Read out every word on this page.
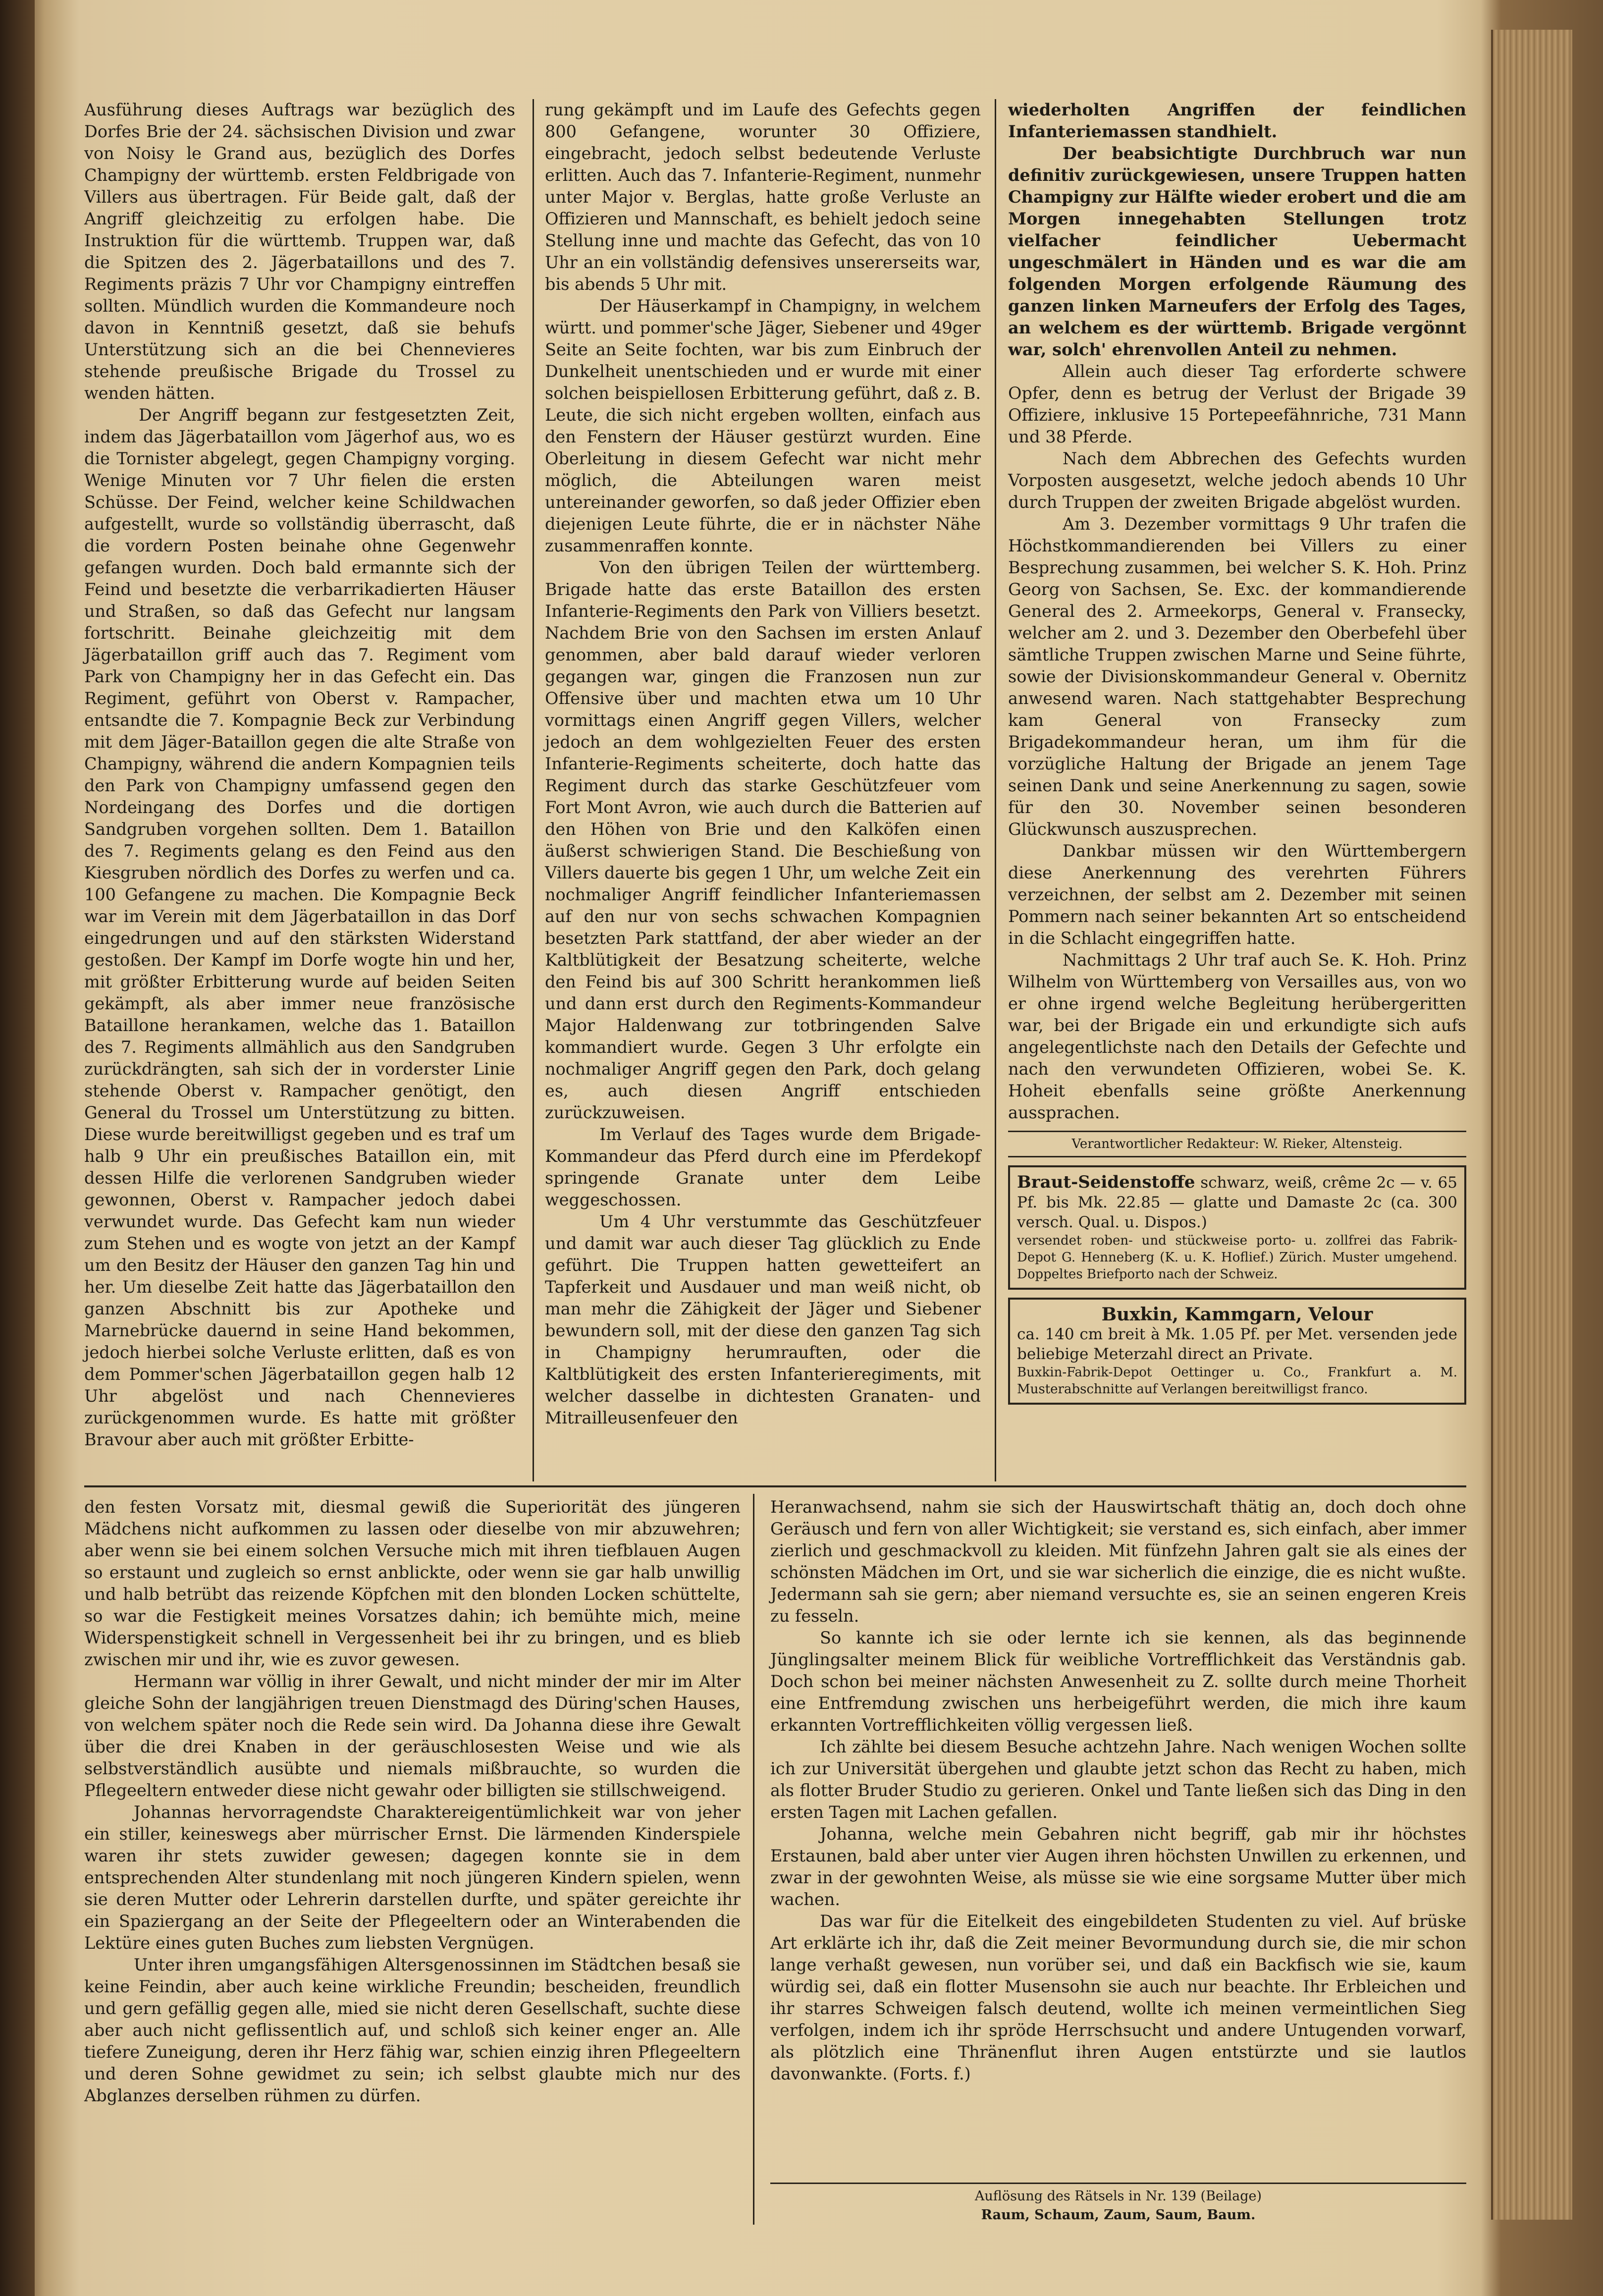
Ausführung dieses Auftrags war bezüglich des Dorfes Brie der 24. sächsischen Division und zwar von Noisy le Grand aus, bezüglich des Dorfes Champigny der württemb. ersten Feldbrigade von Villers aus übertragen. Für Beide galt, daß der Angriff gleichzeitig zu erfolgen habe. Die Instruktion für die württemb. Truppen war, daß die Spitzen des 2. Jägerbataillons und des 7. Regiments präzis 7 Uhr vor Champigny eintreffen sollten. Mündlich wurden die Kommandeure noch davon in Kenntniß gesetzt, daß sie behufs Unterstützung sich an die bei Chennevieres stehende preußische Brigade du Trossel zu wenden hätten.

Der Angriff begann zur festgesetzten Zeit, indem das Jägerbataillon vom Jägerhof aus, wo es die Tornister abgelegt, gegen Champigny vorging. Wenige Minuten vor 7 Uhr fielen die ersten Schüsse. Der Feind, welcher keine Schildwachen aufgestellt, wurde so vollständig überrascht, daß die vordern Posten beinahe ohne Gegenwehr gefangen wurden. Doch bald ermannte sich der Feind und besetzte die verbarrikadierten Häuser und Straßen, so daß das Gefecht nur langsam fortschritt. Beinahe gleichzeitig mit dem Jägerbataillon griff auch das 7. Regiment vom Park von Champigny her in das Gefecht ein. Das Regiment, geführt von Oberst v. Rampacher, entsandte die 7. Kompagnie Beck zur Verbindung mit dem Jäger-Bataillon gegen die alte Straße von Champigny, während die andern Kompagnien teils den Park von Champigny umfassend gegen den Nordeingang des Dorfes und die dortigen Sandgruben vorgehen sollten. Dem 1. Bataillon des 7. Regiments gelang es den Feind aus den Kiesgruben nördlich des Dorfes zu werfen und ca. 100 Gefangene zu machen. Die Kompagnie Beck war im Verein mit dem Jägerbataillon in das Dorf eingedrungen und auf den stärksten Widerstand gestoßen. Der Kampf im Dorfe wogte hin und her, mit größter Erbitterung wurde auf beiden Seiten gekämpft, als aber immer neue französische Bataillone herankamen, welche das 1. Bataillon des 7. Regiments allmählich aus den Sandgruben zurückdrängten, sah sich der in vorderster Linie stehende Oberst v. Rampacher genötigt, den General du Trossel um Unterstützung zu bitten. Diese wurde bereitwilligst gegeben und es traf um halb 9 Uhr ein preußisches Bataillon ein, mit dessen Hilfe die verlorenen Sandgruben wieder gewonnen, Oberst v. Rampacher jedoch dabei verwundet wurde. Das Gefecht kam nun wieder zum Stehen und es wogte von jetzt an der Kampf um den Besitz der Häuser den ganzen Tag hin und her. Um dieselbe Zeit hatte das Jägerbataillon den ganzen Abschnitt bis zur Apotheke und Marnebrücke dauernd in seine Hand bekommen, jedoch hierbei solche Verluste erlitten, daß es von dem Pommer'schen Jägerbataillon gegen halb 12 Uhr abgelöst und nach Chennevieres zurückgenommen wurde. Es hatte mit größter Bravour aber auch mit größter Erbitte-

rung gekämpft und im Laufe des Gefechts gegen 800 Gefangene, worunter 30 Offiziere, eingebracht, jedoch selbst bedeutende Verluste erlitten. Auch das 7. Infanterie-Regiment, nunmehr unter Major v. Berglas, hatte große Verluste an Offizieren und Mannschaft, es behielt jedoch seine Stellung inne und machte das Gefecht, das von 10 Uhr an ein vollständig defensives unsererseits war, bis abends 5 Uhr mit.

Der Häuserkampf in Champigny, in welchem württ. und pommer'sche Jäger, Siebener und 49ger Seite an Seite fochten, war bis zum Einbruch der Dunkelheit unentschieden und er wurde mit einer solchen beispiellosen Erbitterung geführt, daß z. B. Leute, die sich nicht ergeben wollten, einfach aus den Fenstern der Häuser gestürzt wurden. Eine Oberleitung in diesem Gefecht war nicht mehr möglich, die Abteilungen waren meist untereinander geworfen, so daß jeder Offizier eben diejenigen Leute führte, die er in nächster Nähe zusammenraffen konnte.

Von den übrigen Teilen der württemberg. Brigade hatte das erste Bataillon des ersten Infanterie-Regiments den Park von Villiers besetzt. Nachdem Brie von den Sachsen im ersten Anlauf genommen, aber bald darauf wieder verloren gegangen war, gingen die Franzosen nun zur Offensive über und machten etwa um 10 Uhr vormittags einen Angriff gegen Villers, welcher jedoch an dem wohlgezielten Feuer des ersten Infanterie-Regiments scheiterte, doch hatte das Regiment durch das starke Geschützfeuer vom Fort Mont Avron, wie auch durch die Batterien auf den Höhen von Brie und den Kalköfen einen äußerst schwierigen Stand. Die Beschießung von Villers dauerte bis gegen 1 Uhr, um welche Zeit ein nochmaliger Angriff feindlicher Infanteriemassen auf den nur von sechs schwachen Kompagnien besetzten Park stattfand, der aber wieder an der Kaltblütigkeit der Besatzung scheiterte, welche den Feind bis auf 300 Schritt herankommen ließ und dann erst durch den Regiments-Kommandeur Major Haldenwang zur totbringenden Salve kommandiert wurde. Gegen 3 Uhr erfolgte ein nochmaliger Angriff gegen den Park, doch gelang es, auch diesen Angriff entschieden zurückzuweisen.

Im Verlauf des Tages wurde dem Brigade-Kommandeur das Pferd durch eine im Pferdekopf springende Granate unter dem Leibe weggeschossen.

Um 4 Uhr verstummte das Geschützfeuer und damit war auch dieser Tag glücklich zu Ende geführt. Die Truppen hatten gewetteifert an Tapferkeit und Ausdauer und man weiß nicht, ob man mehr die Zähigkeit der Jäger und Siebener bewundern soll, mit der diese den ganzen Tag sich in Champigny herumrauften, oder die Kaltblütigkeit des ersten Infanterieregiments, mit welcher dasselbe in dichtesten Granaten- und Mitrailleusenfeuer den

wiederholten Angriffen der feindlichen Infanteriemassen standhielt.

Der beabsichtigte Durchbruch war nun definitiv zurückgewiesen, unsere Truppen hatten Champigny zur Hälfte wieder erobert und die am Morgen innegehabten Stellungen trotz vielfacher feindlicher Uebermacht ungeschmälert in Händen und es war die am folgenden Morgen erfolgende Räumung des ganzen linken Marneufers der Erfolg des Tages, an welchem es der württemb. Brigade vergönnt war, solch' ehrenvollen Anteil zu nehmen.

Allein auch dieser Tag erforderte schwere Opfer, denn es betrug der Verlust der Brigade 39 Offiziere, inklusive 15 Portepeefähnriche, 731 Mann und 38 Pferde.

Nach dem Abbrechen des Gefechts wurden Vorposten ausgesetzt, welche jedoch abends 10 Uhr durch Truppen der zweiten Brigade abgelöst wurden.

Am 3. Dezember vormittags 9 Uhr trafen die Höchstkommandierenden bei Villers zu einer Besprechung zusammen, bei welcher S. K. Hoh. Prinz Georg von Sachsen, Se. Exc. der kommandierende General des 2. Armeekorps, General v. Fransecky, welcher am 2. und 3. Dezember den Oberbefehl über sämtliche Truppen zwischen Marne und Seine führte, sowie der Divisionskommandeur General v. Obernitz anwesend waren. Nach stattgehabter Besprechung kam General von Fransecky zum Brigadekommandeur heran, um ihm für die vorzügliche Haltung der Brigade an jenem Tage seinen Dank und seine Anerkennung zu sagen, sowie für den 30. November seinen besonderen Glückwunsch auszusprechen.

Dankbar müssen wir den Württembergern diese Anerkennung des verehrten Führers verzeichnen, der selbst am 2. Dezember mit seinen Pommern nach seiner bekannten Art so entscheidend in die Schlacht eingegriffen hatte.

Nachmittags 2 Uhr traf auch Se. K. Hoh. Prinz Wilhelm von Württemberg von Versailles aus, von wo er ohne irgend welche Begleitung herübergeritten war, bei der Brigade ein und erkundigte sich aufs angelegentlichste nach den Details der Gefechte und nach den verwundeten Offizieren, wobei Se. K. Hoheit ebenfalls seine größte Anerkennung aussprachen.

Verantwortlicher Redakteur: W. Rieker, Altensteig.
Braut-Seidenstoffe schwarz, weiß, crême 2c — v. 65 Pf. bis Mk. 22.85 — glatte und Damaste 2c (ca. 300 versch. Qual. u. Dispos.)
versendet roben- und stückweise porto- u. zollfrei das Fabrik-Depot G. Henneberg (K. u. K. Hoflief.) Zürich. Muster umgehend. Doppeltes Briefporto nach der Schweiz.
Buxkin, Kammgarn, Velour
ca. 140 cm breit à Mk. 1.05 Pf. per Met. versenden jede beliebige Meterzahl direct an Private.
Buxkin-Fabrik-Depot Oettinger u. Co., Frankfurt a. M. Musterabschnitte auf Verlangen bereitwilligst franco.

den festen Vorsatz mit, diesmal gewiß die Superiorität des jüngeren Mädchens nicht aufkommen zu lassen oder dieselbe von mir abzuwehren; aber wenn sie bei einem solchen Versuche mich mit ihren tiefblauen Augen so erstaunt und zugleich so ernst anblickte, oder wenn sie gar halb unwillig und halb betrübt das reizende Köpfchen mit den blonden Locken schüttelte, so war die Festigkeit meines Vorsatzes dahin; ich bemühte mich, meine Widerspenstigkeit schnell in Vergessenheit bei ihr zu bringen, und es blieb zwischen mir und ihr, wie es zuvor gewesen.

Hermann war völlig in ihrer Gewalt, und nicht minder der mir im Alter gleiche Sohn der langjährigen treuen Dienstmagd des Düring'schen Hauses, von welchem später noch die Rede sein wird. Da Johanna diese ihre Gewalt über die drei Knaben in der geräuschlosesten Weise und wie als selbstverständlich ausübte und niemals mißbrauchte, so wurden die Pflegeeltern entweder diese nicht gewahr oder billigten sie stillschweigend.

Johannas hervorragendste Charaktereigentümlichkeit war von jeher ein stiller, keineswegs aber mürrischer Ernst. Die lärmenden Kinderspiele waren ihr stets zuwider gewesen; dagegen konnte sie in dem entsprechenden Alter stundenlang mit noch jüngeren Kindern spielen, wenn sie deren Mutter oder Lehrerin darstellen durfte, und später gereichte ihr ein Spaziergang an der Seite der Pflegeeltern oder an Winterabenden die Lektüre eines guten Buches zum liebsten Vergnügen.

Unter ihren umgangsfähigen Altersgenossinnen im Städtchen besaß sie keine Feindin, aber auch keine wirkliche Freundin; bescheiden, freundlich und gern gefällig gegen alle, mied sie nicht deren Gesellschaft, suchte diese aber auch nicht geflissentlich auf, und schloß sich keiner enger an. Alle tiefere Zuneigung, deren ihr Herz fähig war, schien einzig ihren Pflegeeltern und deren Sohne gewidmet zu sein; ich selbst glaubte mich nur des Abglanzes derselben rühmen zu dürfen.

Heranwachsend, nahm sie sich der Hauswirtschaft thätig an, doch doch ohne Geräusch und fern von aller Wichtigkeit; sie verstand es, sich einfach, aber immer zierlich und geschmackvoll zu kleiden. Mit fünfzehn Jahren galt sie als eines der schönsten Mädchen im Ort, und sie war sicherlich die einzige, die es nicht wußte. Jedermann sah sie gern; aber niemand versuchte es, sie an seinen engeren Kreis zu fesseln.

So kannte ich sie oder lernte ich sie kennen, als das beginnende Jünglingsalter meinem Blick für weibliche Vortrefflichkeit das Verständnis gab. Doch schon bei meiner nächsten Anwesenheit zu Z. sollte durch meine Thorheit eine Entfremdung zwischen uns herbeigeführt werden, die mich ihre kaum erkannten Vortrefflichkeiten völlig vergessen ließ.

Ich zählte bei diesem Besuche achtzehn Jahre. Nach wenigen Wochen sollte ich zur Universität übergehen und glaubte jetzt schon das Recht zu haben, mich als flotter Bruder Studio zu gerieren. Onkel und Tante ließen sich das Ding in den ersten Tagen mit Lachen gefallen.

Johanna, welche mein Gebahren nicht begriff, gab mir ihr höchstes Erstaunen, bald aber unter vier Augen ihren höchsten Unwillen zu erkennen, und zwar in der gewohnten Weise, als müsse sie wie eine sorgsame Mutter über mich wachen.

Das war für die Eitelkeit des eingebildeten Studenten zu viel. Auf brüske Art erklärte ich ihr, daß die Zeit meiner Bevormundung durch sie, die mir schon lange verhaßt gewesen, nun vorüber sei, und daß ein Backfisch wie sie, kaum würdig sei, daß ein flotter Musensohn sie auch nur beachte. Ihr Erbleichen und ihr starres Schweigen falsch deutend, wollte ich meinen vermeintlichen Sieg verfolgen, indem ich ihr spröde Herrschsucht und andere Untugenden vorwarf, als plötzlich eine Thränenflut ihren Augen entstürzte und sie lautlos davonwankte. (Forts. f.)

Auflösung des Rätsels in Nr. 139 (Beilage)
Raum, Schaum, Zaum, Saum, Baum.
